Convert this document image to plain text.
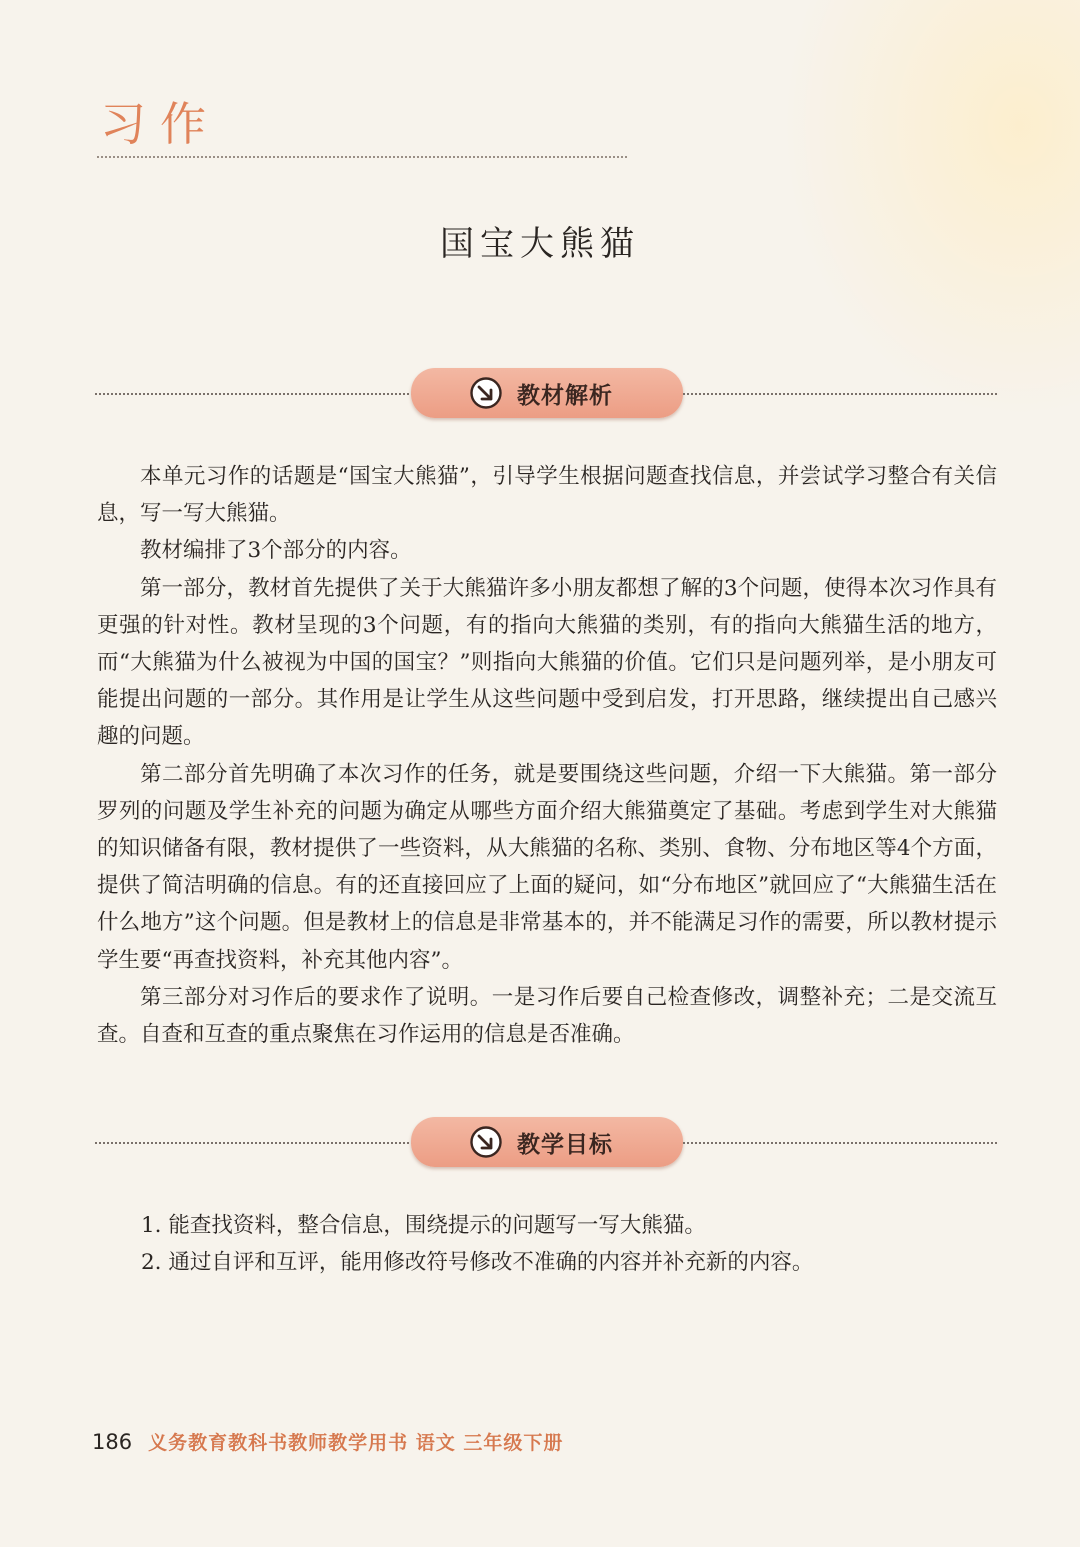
习作
国宝大熊猫
教材解析

本单元习作的话题是“国宝大熊猫”，引导学生根据问题查找信息，并尝试学习整合有关信息，写一写大熊猫。

教材编排了3个部分的内容。

第一部分，教材首先提供了关于大熊猫许多小朋友都想了解的3个问题，使得本次习作具有更强的针对性。教材呈现的3个问题，有的指向大熊猫的类别，有的指向大熊猫生活的地方，而“大熊猫为什么被视为中国的国宝？”则指向大熊猫的价值。它们只是问题列举，是小朋友可能提出问题的一部分。其作用是让学生从这些问题中受到启发，打开思路，继续提出自己感兴趣的问题。

第二部分首先明确了本次习作的任务，就是要围绕这些问题，介绍一下大熊猫。第一部分罗列的问题及学生补充的问题为确定从哪些方面介绍大熊猫奠定了基础。考虑到学生对大熊猫的知识储备有限，教材提供了一些资料，从大熊猫的名称、类别、食物、分布地区等4个方面，提供了简洁明确的信息。有的还直接回应了上面的疑问，如“分布地区”就回应了“大熊猫生活在什么地方”这个问题。但是教材上的信息是非常基本的，并不能满足习作的需要，所以教材提示学生要“再查找资料，补充其他内容”。

第三部分对习作后的要求作了说明。一是习作后要自己检查修改，调整补充；二是交流互查。自查和互查的重点聚焦在习作运用的信息是否准确。

教学目标

1. 能查找资料，整合信息，围绕提示的问题写一写大熊猫。

2. 通过自评和互评，能用修改符号修改不准确的内容并补充新的内容。

186 义务教育教科书教师教学用书 语文 三年级下册
